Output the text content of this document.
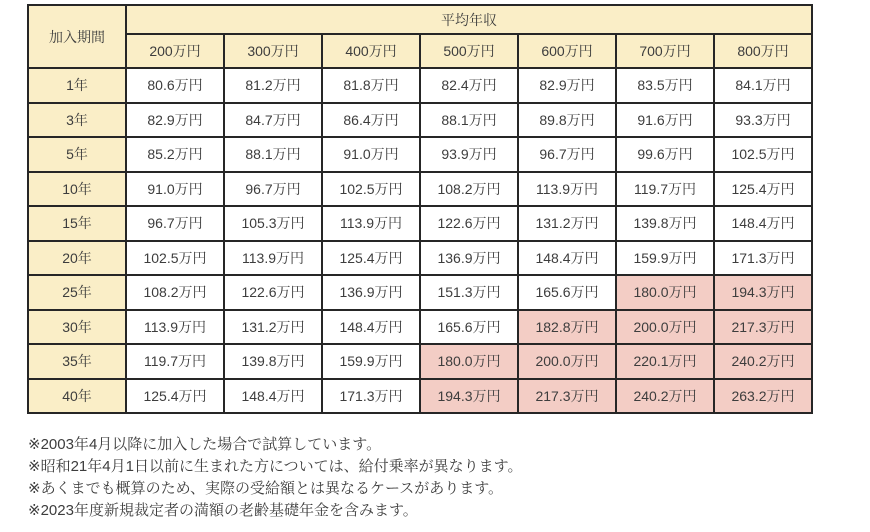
加入期間	平均年収						
	200万円	300万円	400万円	500万円	600万円	700万円	800万円
1年	80.6万円	81.2万円	81.8万円	82.4万円	82.9万円	83.5万円	84.1万円
3年	82.9万円	84.7万円	86.4万円	88.1万円	89.8万円	91.6万円	93.3万円
5年	85.2万円	88.1万円	91.0万円	93.9万円	96.7万円	99.6万円	102.5万円
10年	91.0万円	96.7万円	102.5万円	108.2万円	113.9万円	119.7万円	125.4万円
15年	96.7万円	105.3万円	113.9万円	122.6万円	131.2万円	139.8万円	148.4万円
20年	102.5万円	113.9万円	125.4万円	136.9万円	148.4万円	159.9万円	171.3万円
25年	108.2万円	122.6万円	136.9万円	151.3万円	165.6万円	180.0万円	194.3万円
30年	113.9万円	131.2万円	148.4万円	165.6万円	182.8万円	200.0万円	217.3万円
35年	119.7万円	139.8万円	159.9万円	180.0万円	200.0万円	220.1万円	240.2万円
40年	125.4万円	148.4万円	171.3万円	194.3万円	217.3万円	240.2万円	263.2万円
※2003年4月以降に加入した場合で試算しています。
※昭和21年4月1日以前に生まれた方については、給付乗率が異なります。
※あくまでも概算のため、実際の受給額とは異なるケースがあります。
※2023年度新規裁定者の満額の老齢基礎年金を含みます。
